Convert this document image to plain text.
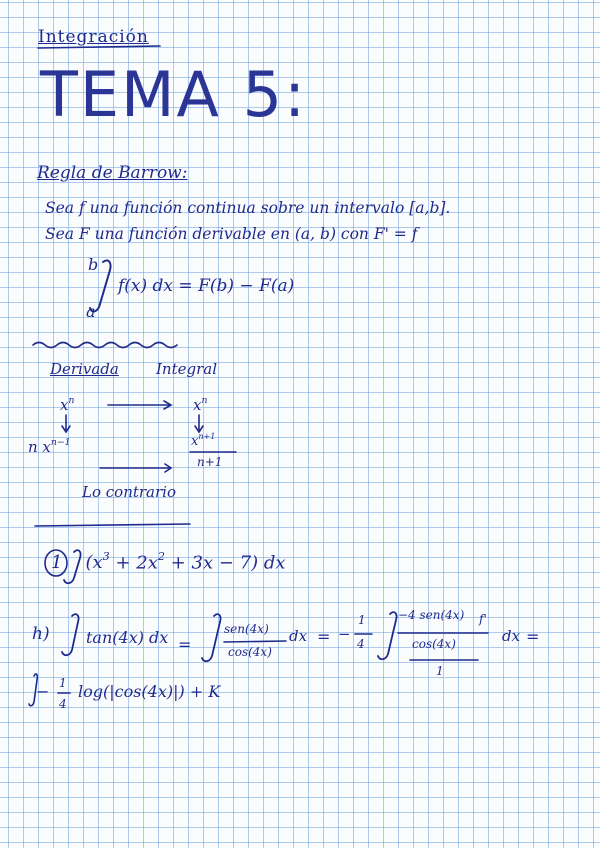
Integración
TEMA 5:
Regla de Barrow:
Sea f una función continua sobre un intervalo [a,b].
Sea F una función derivable en (a, b) con F' = f
b
a
f(x) dx = F(b) − F(a)
Derivada Integral
$x^n$	$x^n$
n $x^{n-1}$	$x^{n+1}$
n+1
Lo contrario
1 $(x^3 + 2x^2 + 3x - 7)$ dx
h) tan(4x) dx =
sen(4x)
cos(4x)
dx = −
1
4
−4 sen(4x) f'
cos(4x)
1
dx =
− 1
4
log(|cos(4x)|) + K
